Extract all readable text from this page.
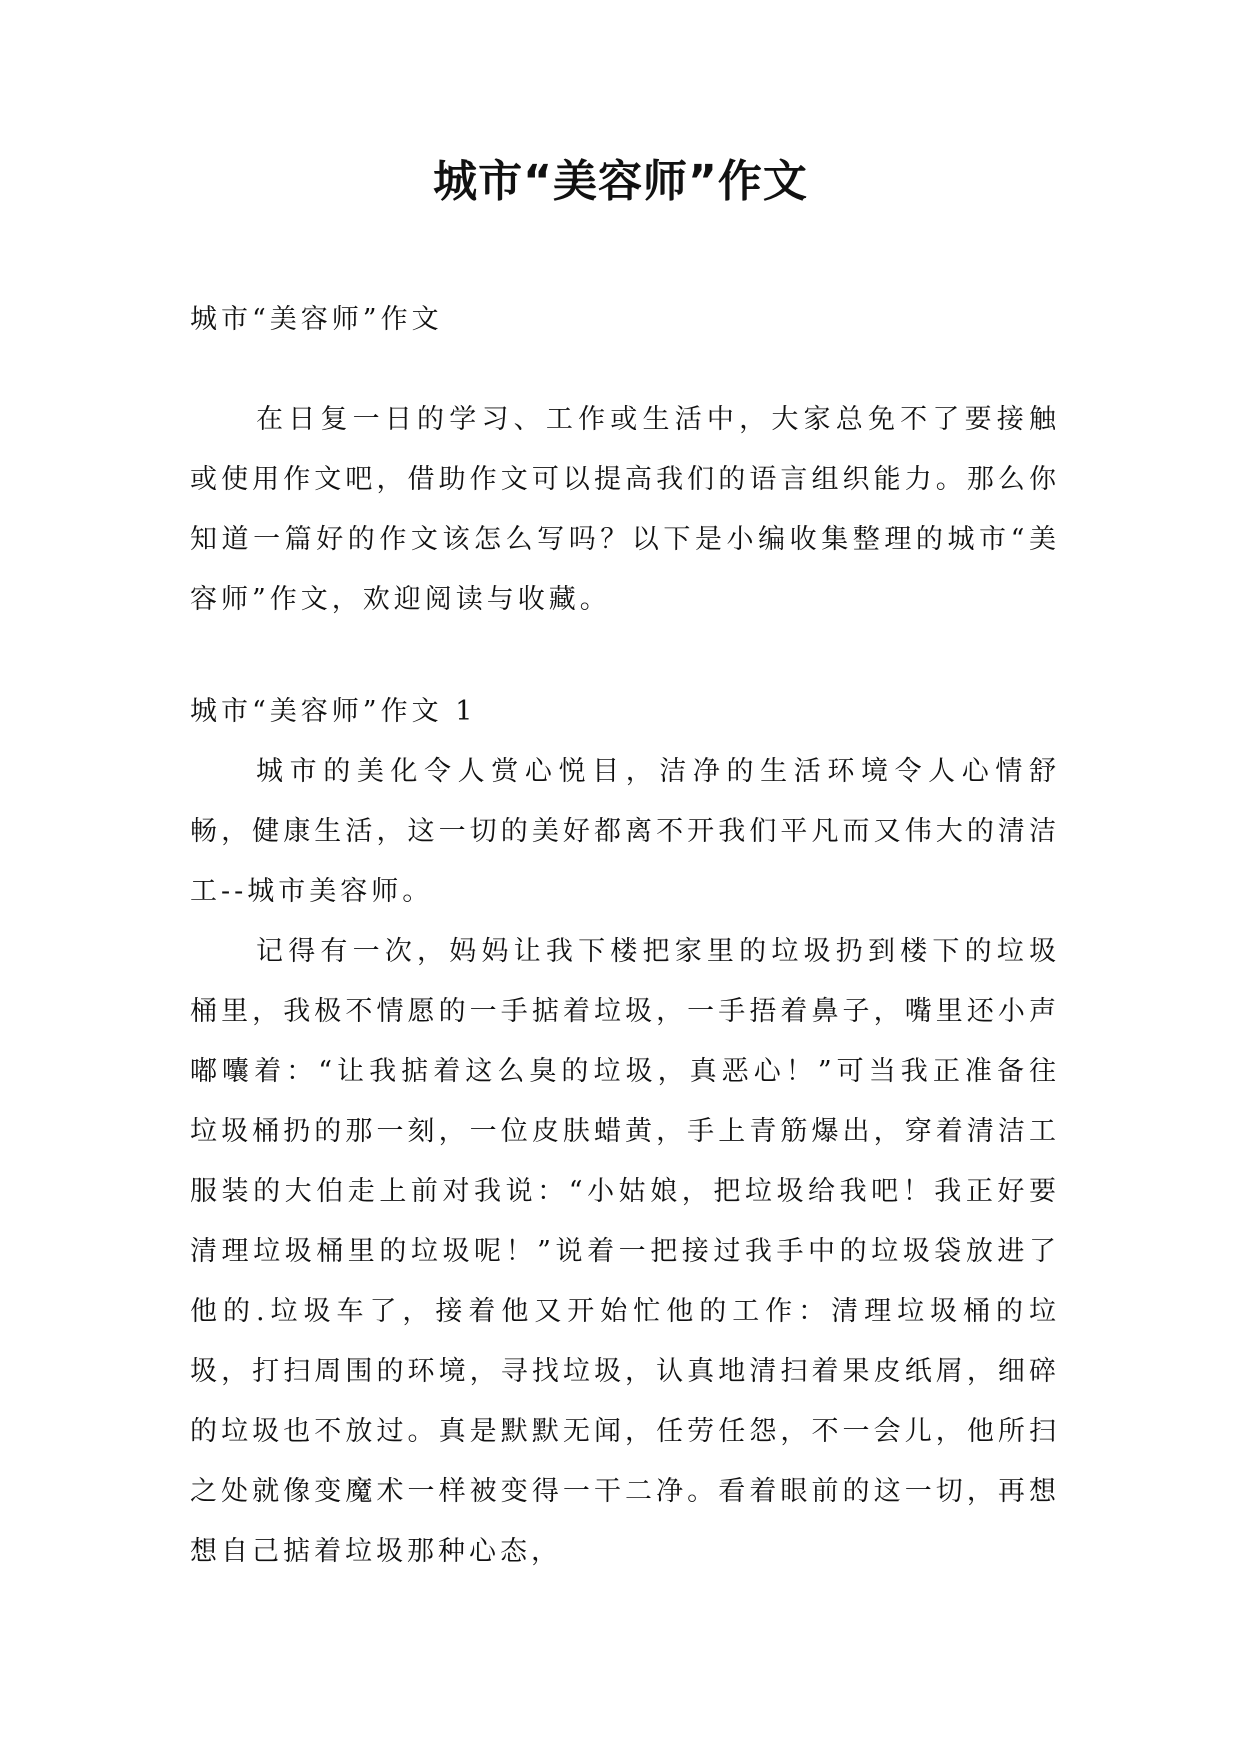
城市“美容师”作文

城市“美容师”作文

在日复一日的学习、工作或生活中，大家总免不了要接触或使用作文吧，借助作文可以提高我们的语言组织能力。那么你知道一篇好的作文该怎么写吗？以下是小编收集整理的城市“美容师”作文，欢迎阅读与收藏。

城市“美容师”作文 1

城市的美化令人赏心悦目，洁净的生活环境令人心情舒畅，健康生活，这一切的美好都离不开我们平凡而又伟大的清洁工--城市美容师。

记得有一次，妈妈让我下楼把家里的垃圾扔到楼下的垃圾桶里，我极不情愿的一手掂着垃圾，一手捂着鼻子，嘴里还小声嘟囔着：“让我掂着这么臭的垃圾，真恶心！”可当我正准备往垃圾桶扔的那一刻，一位皮肤蜡黄，手上青筋爆出，穿着清洁工服装的大伯走上前对我说：“小姑娘，把垃圾给我吧！我正好要清理垃圾桶里的垃圾呢！”说着一把接过我手中的垃圾袋放进了他的.垃圾车了，接着他又开始忙他的工作：清理垃圾桶的垃圾，打扫周围的环境，寻找垃圾，认真地清扫着果皮纸屑，细碎的垃圾也不放过。真是默默无闻，任劳任怨，不一会儿，他所扫之处就像变魔术一样被变得一干二净。看着眼前的这一切，再想想自己掂着垃圾那种心态，
